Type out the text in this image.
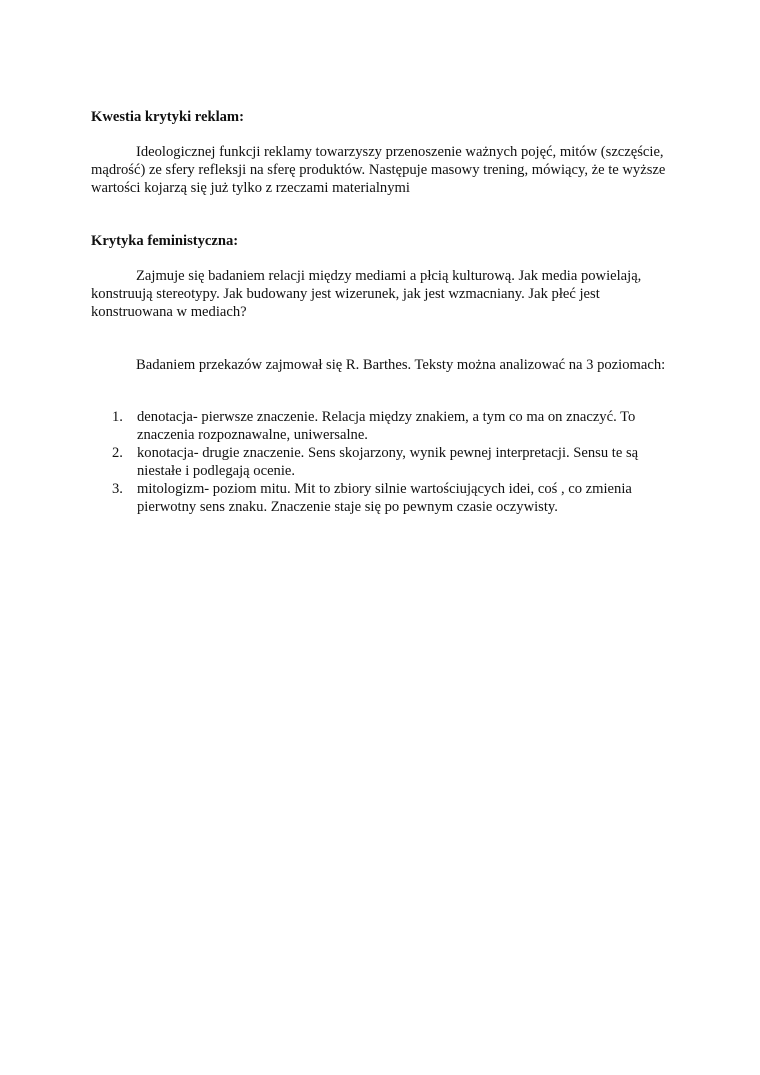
Kwestia krytyki reklam:

Ideologicznej funkcji reklamy towarzyszy przenoszenie ważnych pojęć, mitów (szczęście, mądrość) ze sfery refleksji na sferę produktów. Następuje masowy trening, mówiący, że te wyższe wartości kojarzą się już tylko z rzeczami materialnymi

Krytyka feministyczna:

Zajmuje się badaniem relacji między mediami a płcią kulturową. Jak media powielają, konstruują stereotypy. Jak budowany jest wizerunek, jak jest wzmacniany. Jak płeć jest konstruowana w mediach?

Badaniem przekazów zajmował się R. Barthes. Teksty można analizować na 3 poziomach:

1. denotacja- pierwsze znaczenie. Relacja między znakiem, a tym co ma on znaczyć. To znaczenia rozpoznawalne, uniwersalne.
2. konotacja- drugie znaczenie. Sens skojarzony, wynik pewnej interpretacji. Sensu te są niestałe i podlegają ocenie.
3. mitologizm- poziom mitu. Mit to zbiory silnie wartościujących idei, coś , co zmienia pierwotny sens znaku. Znaczenie staje się po pewnym czasie oczywisty.
